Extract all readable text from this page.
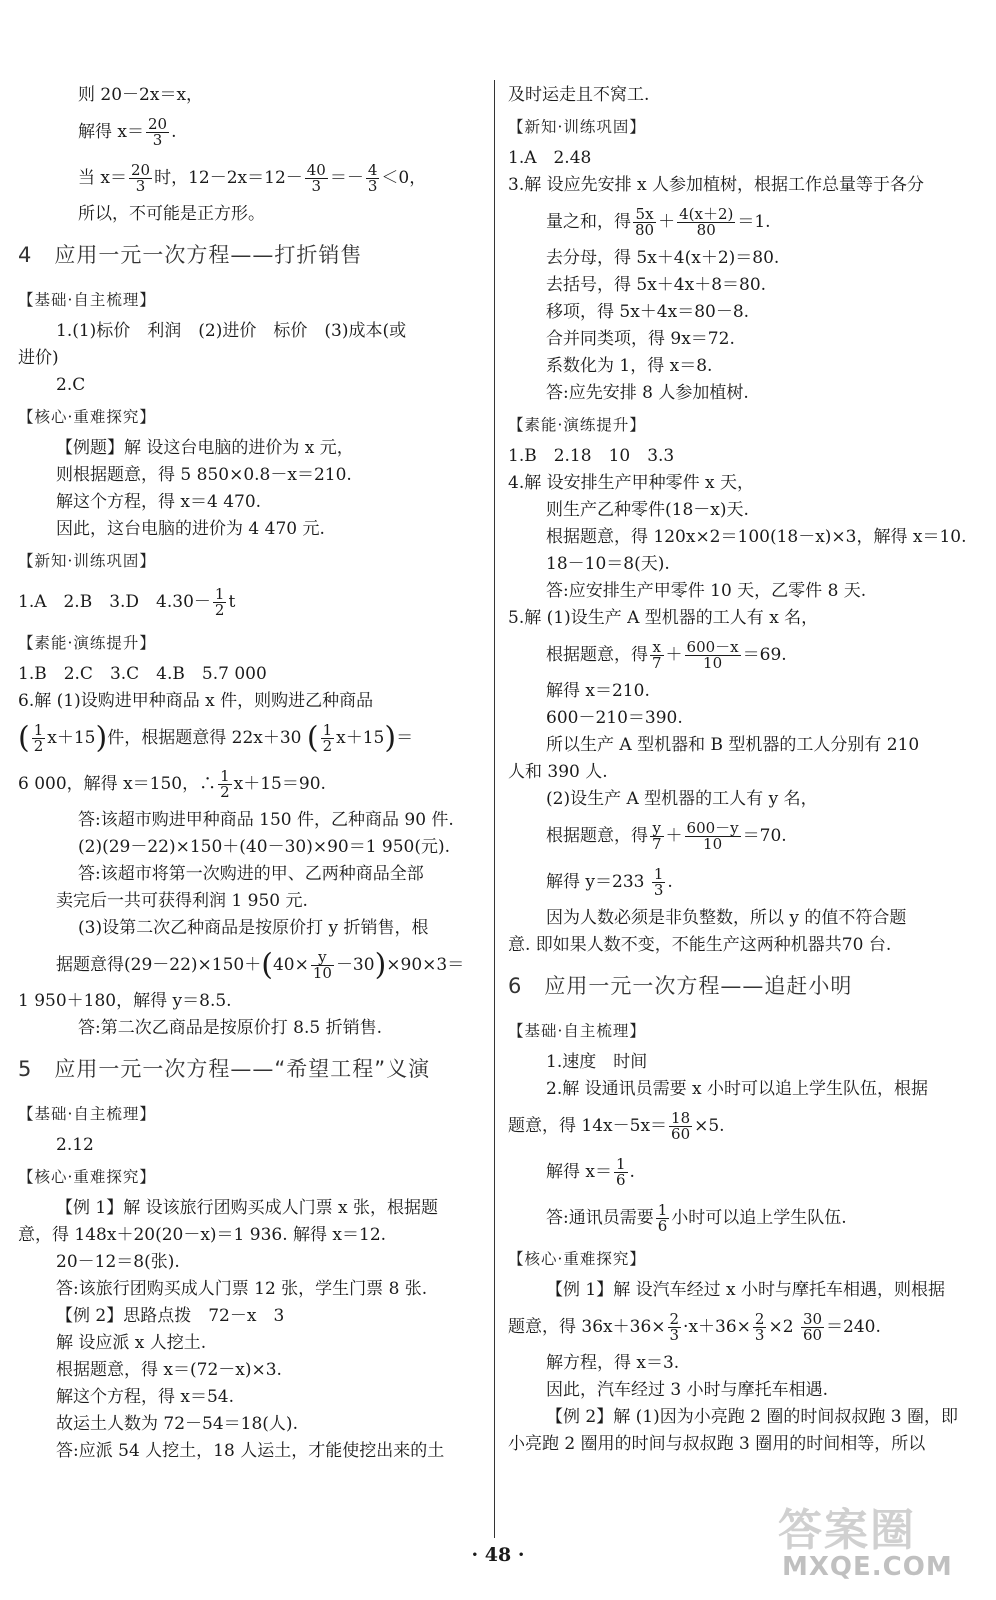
则 20－2x＝x，
解得 $x= \frac{20}{3}$ .
当 $x= \frac{20}{3}$ 时，$12-2x=12- \frac{40}{3} =- \frac{4}{3} <0$，
所以，不可能是正方形。
4　应用一元一次方程——打折销售
【基础·自主梳理】
1.(1)标价　利润　(2)进价　标价　(3)成本(或
进价)
2.C
【核心·重难探究】
【例题】解 设这台电脑的进价为 x 元，
则根据题意，得 5 850×0.8－x＝210.
解这个方程，得 x＝4 470.
因此，这台电脑的进价为 4 470 元.
【新知·训练巩固】
1.A　2.B　3.D　$4.30- \frac{1}{2}$ t
【素能·演练提升】
1.B　2.C　3.C　4.B　5.7 000
6.解 (1)设购进甲种商品 x 件，则购进乙种商品
( $\frac{1}{2} x+15$)件，根据题意得 22x＋30 ( $\frac{1}{2} x+15)=$
6 000，解得 x＝150，∴ $\frac{1}{2} x+15=90$.
答:该超市购进甲种商品 150 件，乙种商品 90 件.
(2)(29－22)×150＋(40－30)×90＝1 950(元).
答:该超市将第一次购进的甲、乙两种商品全部
卖完后一共可获得利润 1 950 元.
(3)设第二次乙种商品是按原价打 y 折销售，根
据题意得$(29-22)\times 150+(40\times \frac{y}{10} -30)\times 90\times 3=$
1 950＋180，解得 y＝8.5.
答:第二次乙商品是按原价打 8.5 折销售.
5　应用一元一次方程——“希望工程”义演
【基础·自主梳理】
2.12
【核心·重难探究】
【例 1】解 设该旅行团购买成人门票 x 张，根据题
意，得 148x＋20(20－x)＝1 936. 解得 x＝12.
20－12＝8(张).
答:该旅行团购买成人门票 12 张，学生门票 8 张.
【例 2】思路点拨　72－x　3
解 设应派 x 人挖土.
根据题意，得 x＝(72－x)×3.
解这个方程，得 x＝54.
故运土人数为 72－54＝18(人).
答:应派 54 人挖土，18 人运土，才能使挖出来的土
及时运走且不窝工.
【新知·训练巩固】
1.A　2.48
3.解 设应先安排 x 人参加植树，根据工作总量等于各分
量之和，得 $\frac{5x}{80} + \frac{4(x+2)}{80} =1$.
去分母，得 5x＋4(x＋2)＝80.
去括号，得 5x＋4x＋8＝80.
移项，得 5x＋4x＝80－8.
合并同类项，得 9x＝72.
系数化为 1，得 x＝8.
答:应先安排 8 人参加植树.
【素能·演练提升】
1.B　2.18　10　3.3
4.解 设安排生产甲种零件 x 天，
则生产乙种零件(18－x)天.
根据题意，得 120x×2＝100(18－x)×3，解得 x＝10.
18－10＝8(天).
答:应安排生产甲零件 10 天，乙零件 8 天.
5.解 (1)设生产 A 型机器的工人有 x 名，
根据题意，得 $\frac{x}{7} + \frac{600-x}{10} =69$.
解得 x＝210.
600－210＝390.
所以生产 A 型机器和 B 型机器的工人分别有 210
人和 390 人.
(2)设生产 A 型机器的工人有 y 名，
根据题意，得 $\frac{y}{7} + \frac{600-y}{10} =70$.
解得 $y=233 \frac{1}{3}$ .
因为人数必须是非负整数，所以 y 的值不符合题
意. 即如果人数不变，不能生产这两种机器共70 台.
6　应用一元一次方程——追赶小明
【基础·自主梳理】
1.速度　时间
2.解 设通讯员需要 x 小时可以追上学生队伍，根据
题意，得 $14x-5x= \frac{18}{60} \times 5$.
解得 $x= \frac{1}{6}$ .
答:通讯员需要 $\frac{1}{6}$ 小时可以追上学生队伍.
【核心·重难探究】
【例 1】解 设汽车经过 x 小时与摩托车相遇，则根据
题意，得 $36x+36\times \frac{2}{3} \cdot x+36\times \frac{2}{3} \times 2 \frac{30}{60} =240$.
解方程，得 x＝3.
因此，汽车经过 3 小时与摩托车相遇.
【例 2】解 (1)因为小亮跑 2 圈的时间叔叔跑 3 圈，即
小亮跑 2 圈用的时间与叔叔跑 3 圈用的时间相等，所以
· 48 ·	答案圈
MXQE.COM
